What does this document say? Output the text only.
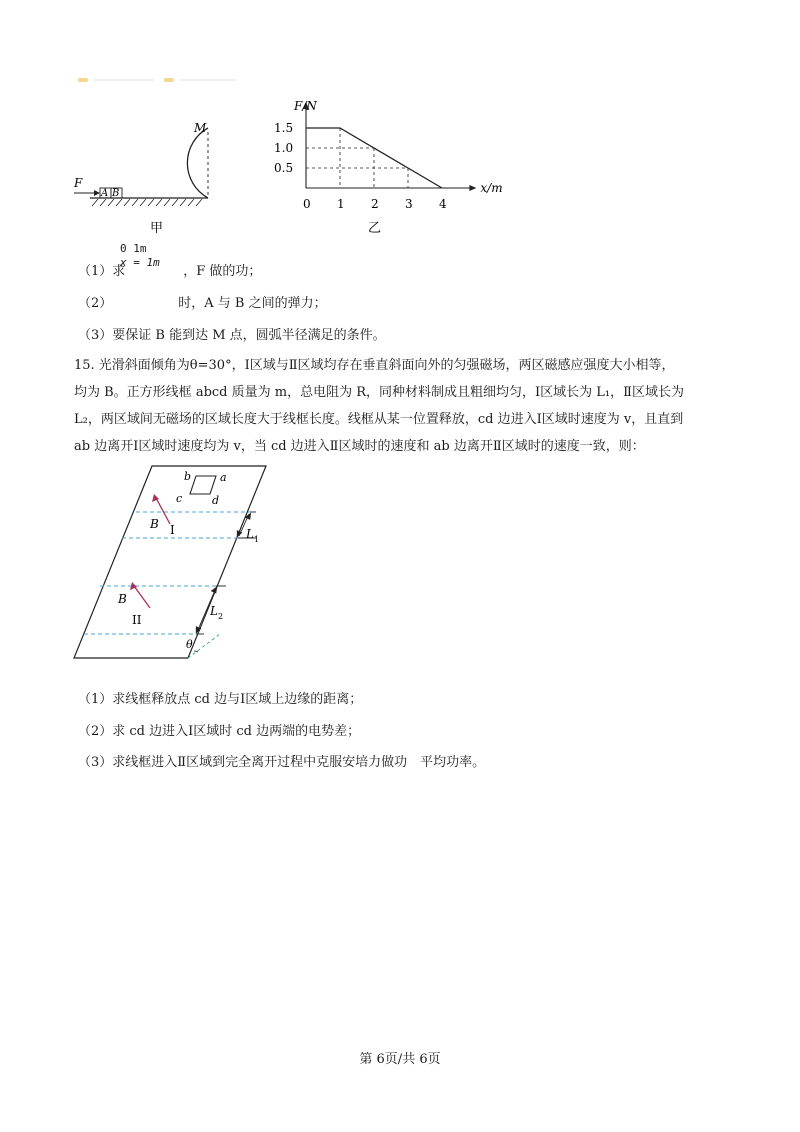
A B
F
M
甲
F/N
x/m
0 1 2 3 4
0.5
1.0
1.5
乙
0 1m
x = 1m
（1）求	，F 做的功；
（2）	时，A 与 B 之间的弹力；
（3）要保证 B 能到达 M 点，圆弧半径满足的条件。
15. 光滑斜面倾角为θ=30°，Ⅰ区域与Ⅱ区域均存在垂直斜面向外的匀强磁场，两区磁感应强度大小相等，
均为 B。正方形线框 abcd 质量为 m，总电阻为 R，同种材料制成且粗细均匀，Ⅰ区域长为 L₁，Ⅱ区域长为
L₂，两区域间无磁场的区域长度大于线框长度。线框从某一位置释放，cd 边进入Ⅰ区域时速度为 v，且直到
ab 边离开Ⅰ区域时速度均为 v，当 cd 边进入Ⅱ区域时的速度和 ab 边离开Ⅱ区域时的速度一致，则：
L 1
L 2
b	a
c	d
B
B
I
II
θ
（1）求线框释放点 cd 边与Ⅰ区域上边缘的距离；
（2）求 cd 边进入Ⅰ区域时 cd 边两端的电势差；
（3）求线框进入Ⅱ区域到完全离开过程中克服安培力做功　平均功率。
第 6页/共 6页
